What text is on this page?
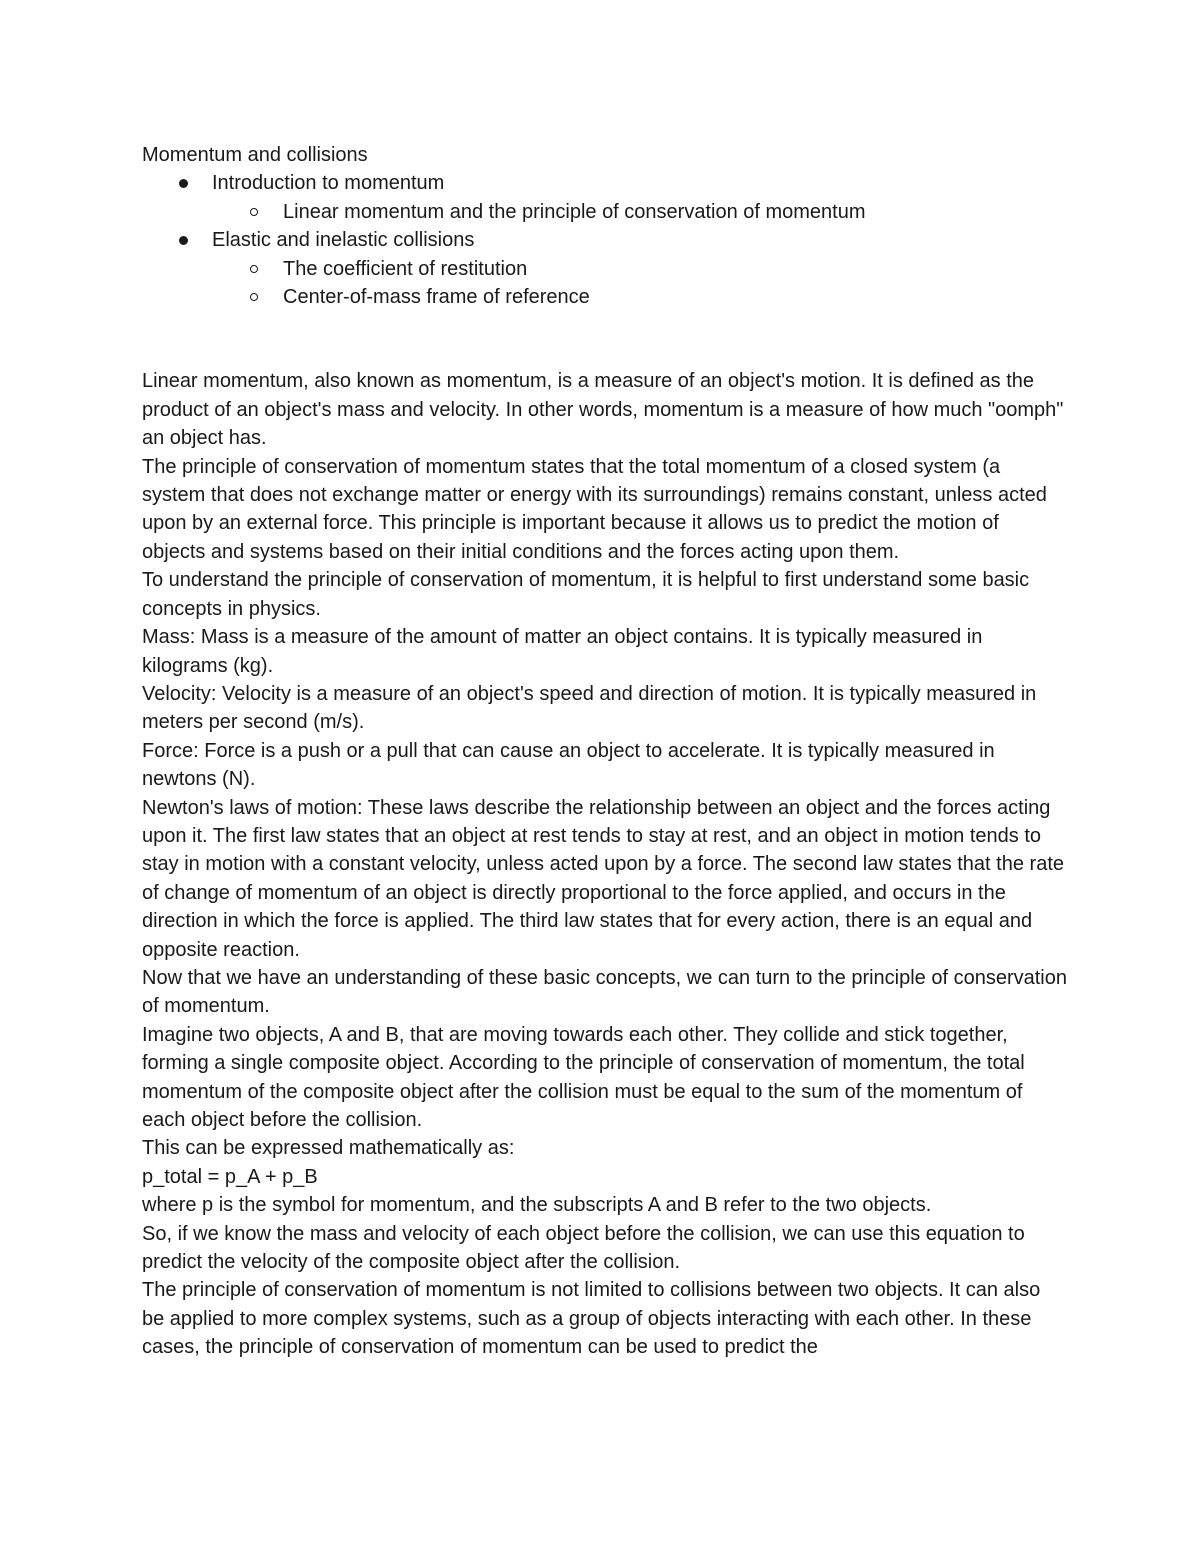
Momentum and collisions

Introduction to momentum
Linear momentum and the principle of conservation of momentum
Elastic and inelastic collisions
The coefficient of restitution
Center-of-mass frame of reference

Linear momentum, also known as momentum, is a measure of an object's motion. It is defined as the product of an object's mass and velocity. In other words, momentum is a measure of how much "oomph" an object has.

The principle of conservation of momentum states that the total momentum of a closed system (a system that does not exchange matter or energy with its surroundings) remains constant, unless acted upon by an external force. This principle is important because it allows us to predict the motion of objects and systems based on their initial conditions and the forces acting upon them.

To understand the principle of conservation of momentum, it is helpful to first understand some basic concepts in physics.

Mass: Mass is a measure of the amount of matter an object contains. It is typically measured in kilograms (kg).

Velocity: Velocity is a measure of an object's speed and direction of motion. It is typically measured in meters per second (m/s).

Force: Force is a push or a pull that can cause an object to accelerate. It is typically measured in newtons (N).

Newton's laws of motion: These laws describe the relationship between an object and the forces acting upon it. The first law states that an object at rest tends to stay at rest, and an object in motion tends to stay in motion with a constant velocity, unless acted upon by a force. The second law states that the rate of change of momentum of an object is directly proportional to the force applied, and occurs in the direction in which the force is applied. The third law states that for every action, there is an equal and opposite reaction.

Now that we have an understanding of these basic concepts, we can turn to the principle of conservation of momentum.

Imagine two objects, A and B, that are moving towards each other. They collide and stick together, forming a single composite object. According to the principle of conservation of momentum, the total momentum of the composite object after the collision must be equal to the sum of the momentum of each object before the collision.

This can be expressed mathematically as:

p_total = p_A + p_B

where p is the symbol for momentum, and the subscripts A and B refer to the two objects.

So, if we know the mass and velocity of each object before the collision, we can use this equation to predict the velocity of the composite object after the collision.

The principle of conservation of momentum is not limited to collisions between two objects. It can also be applied to more complex systems, such as a group of objects interacting with each other. In these cases, the principle of conservation of momentum can be used to predict the
